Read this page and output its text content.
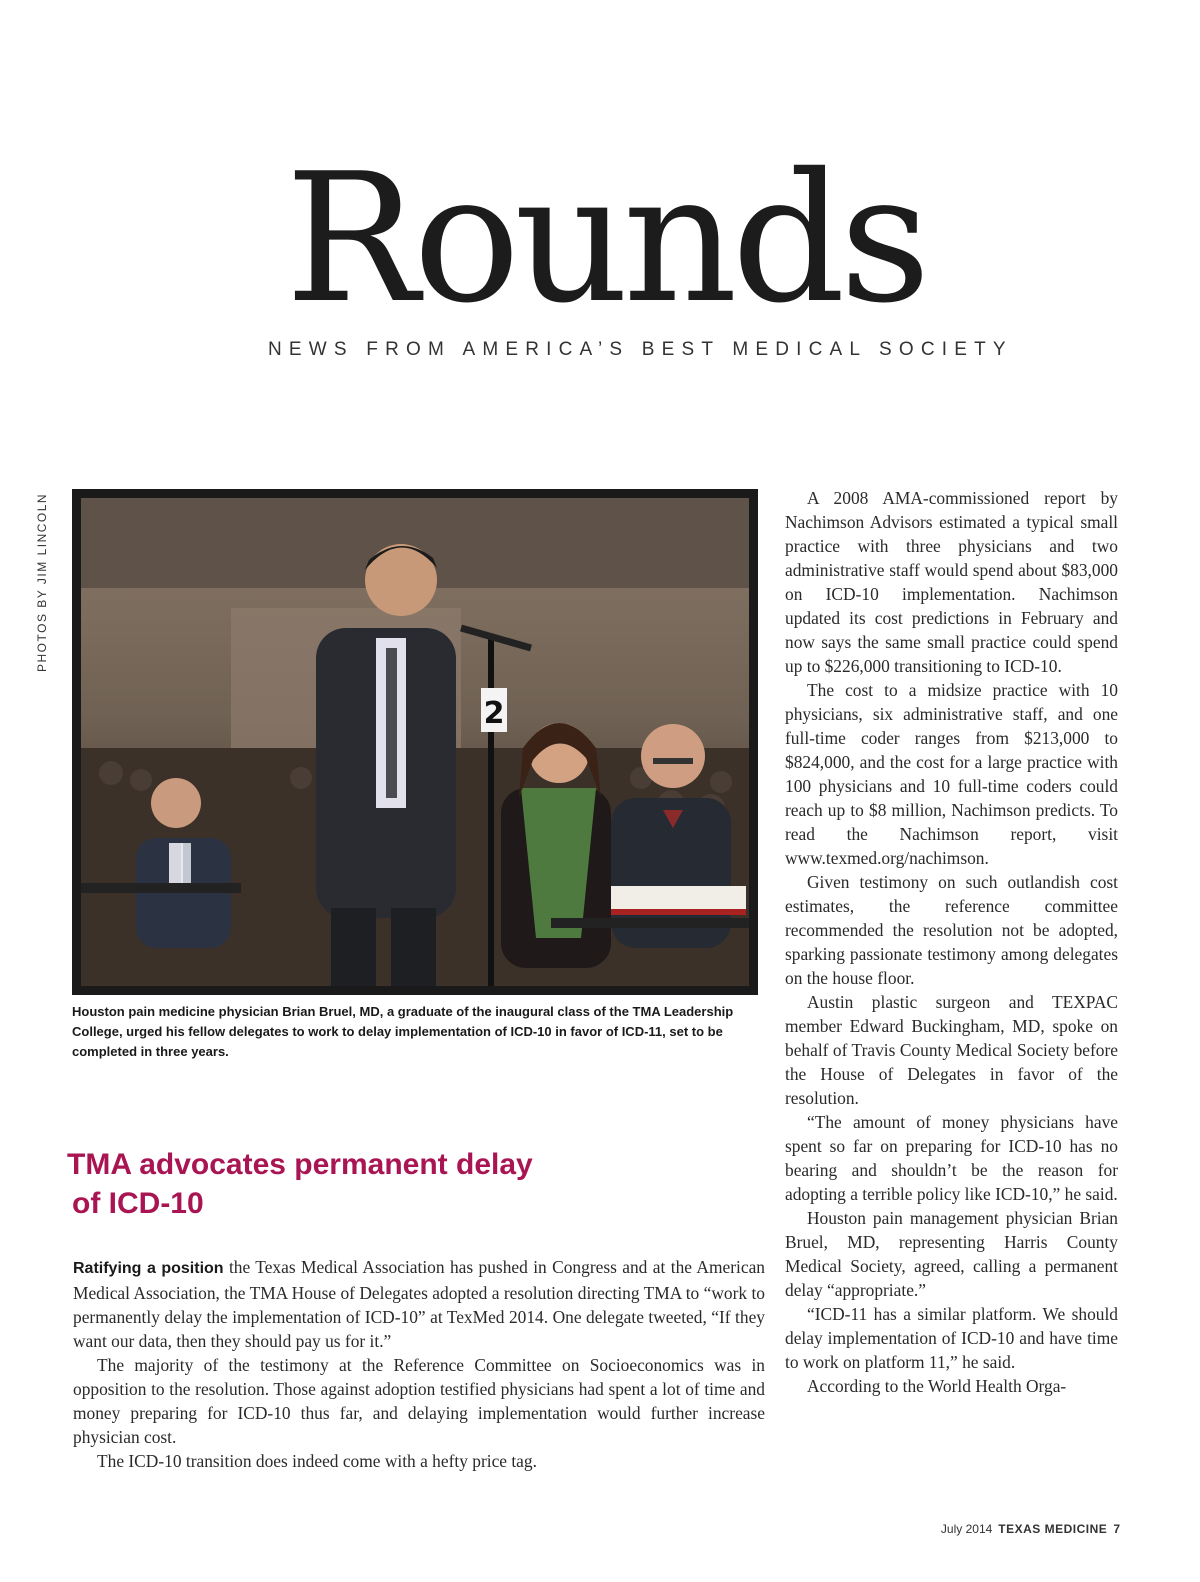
Rounds
NEWS FROM AMERICA’S BEST MEDICAL SOCIETY
PHOTOS BY JIM LINCOLN
2
Houston pain medicine physician Brian Bruel, MD, a graduate of the inaugural class of the TMA Leadership College, urged his fellow delegates to work to delay implementation of ICD-10 in favor of ICD-11, set to be completed in three years.
TMA advocates permanent delay
of ICD-10

Ratifying a position the Texas Medical Association has pushed in Congress and at the American Medical Association, the TMA House of Delegates adopted a resolution directing TMA to “work to permanently delay the implementation of ICD-10” at TexMed 2014. One delegate tweeted, “If they want our data, then they should pay us for it.”

The majority of the testimony at the Reference Committee on Socioeconomics was in opposition to the resolution. Those against adoption testified physicians had spent a lot of time and money preparing for ICD-10 thus far, and delaying implementation would further increase physician cost.

The ICD-10 transition does indeed come with a hefty price tag.

A 2008 AMA-commissioned report by Nachimson Advisors estimated a typical small practice with three physicians and two administrative staff would spend about $83,000 on ICD-10 implementation. Nachimson updated its cost predictions in February and now says the same small practice could spend up to $226,000 transitioning to ICD-10.

The cost to a midsize practice with 10 physicians, six administrative staff, and one full-time coder ranges from $213,000 to $824,000, and the cost for a large practice with 100 physicians and 10 full-time coders could reach up to $8 million, Nachimson predicts. To read the Nachimson report, visit www.texmed.org/nachimson.

Given testimony on such outlandish cost estimates, the reference committee recommended the resolution not be adopted, sparking passionate testimony among delegates on the house floor.

Austin plastic surgeon and TEXPAC member Edward Buckingham, MD, spoke on behalf of Travis County Medical Society before the House of Delegates in favor of the resolution.

“The amount of money physicians have spent so far on preparing for ICD-10 has no bearing and shouldn’t be the reason for adopting a terrible policy like ICD-10,” he said.

Houston pain management physician Brian Bruel, MD, representing Harris County Medical Society, agreed, calling a permanent delay “appropriate.”

“ICD-11 has a similar platform. We should delay implementation of ICD-10 and have time to work on platform 11,” he said.

According to the World Health Orga-

July 2014 TEXAS MEDICINE 7
